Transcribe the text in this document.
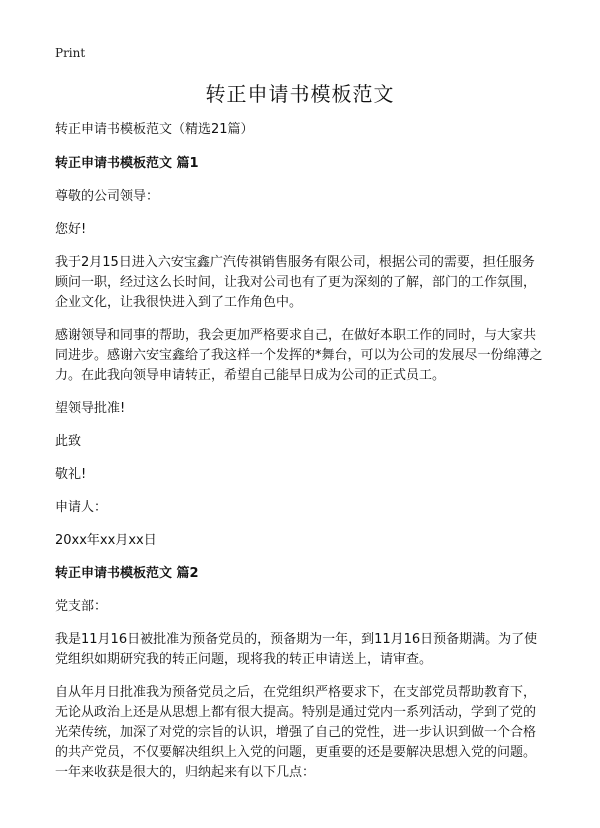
Print
转正申请书模板范文

转正申请书模板范文（精选21篇）

转正申请书模板范文 篇1

尊敬的公司领导：

您好!

我于2月15日进入六安宝鑫广汽传祺销售服务有限公司，根据公司的需要，担任服务顾问一职，经过这么长时间，让我对公司也有了更为深刻的了解，部门的工作氛围，企业文化，让我很快进入到了工作角色中。

感谢领导和同事的帮助，我会更加严格要求自己，在做好本职工作的同时，与大家共同进步。感谢六安宝鑫给了我这样一个发挥的*舞台，可以为公司的发展尽一份绵薄之力。在此我向领导申请转正，希望自己能早日成为公司的正式员工。

望领导批准!

此致

敬礼!

申请人：

20xx年xx月xx日

转正申请书模板范文 篇2

党支部：

我是11月16日被批准为预备党员的，预备期为一年，到11月16日预备期满。为了使党组织如期研究我的转正问题，现将我的转正申请送上，请审查。

自从年月日批准我为预备党员之后，在党组织严格要求下，在支部党员帮助教育下，无论从政治上还是从思想上都有很大提高。特别是通过党内一系列活动，学到了党的光荣传统，加深了对党的宗旨的认识，增强了自己的党性，进一步认识到做一个合格的共产党员，不仅要解决组织上入党的问题，更重要的还是要解决思想入党的问题。一年来收获是很大的，归纳起来有以下几点：
